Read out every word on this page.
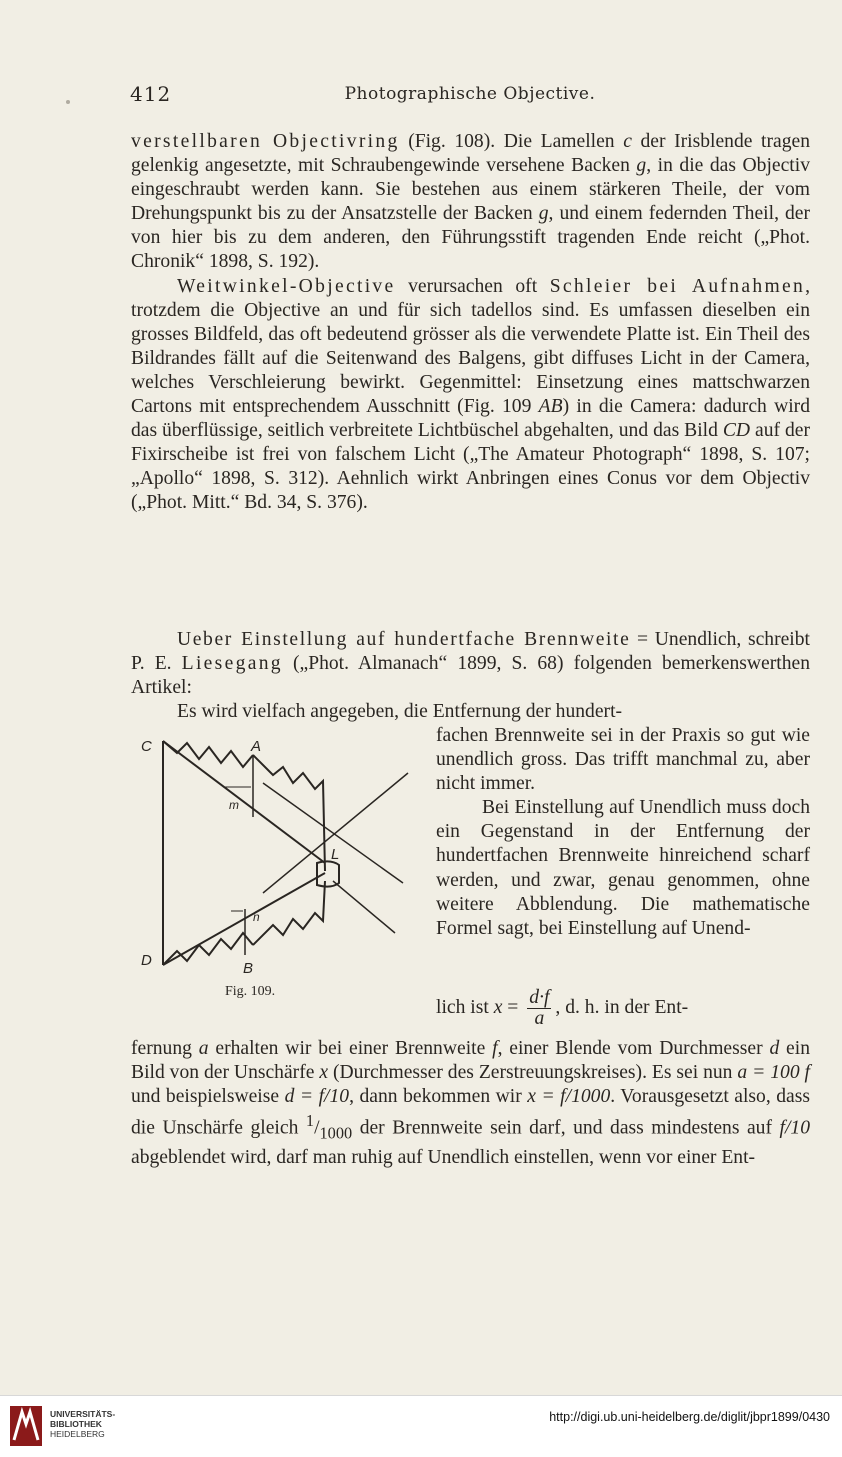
412	Photographische Objective.

verstellbaren Objectivring (Fig. 108). Die Lamellen c der Irisblende tragen gelenkig angesetzte, mit Schraubengewinde versehene Backen g, in die das Objectiv eingeschraubt werden kann. Sie bestehen aus einem stärkeren Theile, der vom Drehungspunkt bis zu der Ansatzstelle der Backen g, und einem federnden Theil, der von hier bis zu dem anderen, den Führungsstift tragenden Ende reicht („Phot. Chronik“ 1898, S. 192).

Weitwinkel-Objective verursachen oft Schleier bei Aufnahmen, trotzdem die Objective an und für sich tadellos sind. Es umfassen dieselben ein grosses Bildfeld, das oft bedeutend grösser als die verwendete Platte ist. Ein Theil des Bildrandes fällt auf die Seitenwand des Balgens, gibt diffuses Licht in der Camera, welches Verschleierung bewirkt. Gegenmittel: Einsetzung eines mattschwarzen Cartons mit entsprechendem Ausschnitt (Fig. 109 AB) in die Camera: dadurch wird das überflüssige, seitlich verbreitete Lichtbüschel abgehalten, und das Bild CD auf der Fixirscheibe ist frei von falschem Licht („The Amateur Photograph“ 1898, S. 107; „Apollo“ 1898, S. 312). Aehnlich wirkt Anbringen eines Conus vor dem Objectiv („Phot. Mitt.“ Bd. 34, S. 376).

Ueber Einstellung auf hundertfache Brennweite = Unendlich, schreibt P. E. Liesegang („Phot. Almanach“ 1899, S. 68) folgenden bemerkenswerthen Artikel:

Es wird vielfach angegeben, die Entfernung der hundert-

fachen Brennweite sei in der Praxis so gut wie unendlich gross. Das trifft manchmal zu, aber nicht immer.

Bei Einstellung auf Unendlich muss doch ein Gegenstand in der Entfernung der hundertfachen Brennweite hinreichend scharf werden, und zwar, genau genommen, ohne weitere Abblendung. Die mathematische Formel sagt, bei Einstellung auf Unend-

lich ist $x = \frac{d\cdot f}{a}$ , d. h. in der Ent-
C	A
m
L
n
D	B
Fig. 109.

fernung a erhalten wir bei einer Brennweite f, einer Blende vom Durchmesser d ein Bild von der Unschärfe x (Durchmesser des Zerstreuungskreises). Es sei nun a = 100 f und beispielsweise d = f/10, dann bekommen wir x = f/1000. Vorausgesetzt also, dass die Unschärfe gleich $^1/_{1000}$ der Brennweite sein darf, und dass mindestens auf f/10 abgeblendet wird, darf man ruhig auf Unendlich einstellen, wenn vor einer Ent-

UNIVERSITÄTS-
BIBLIOTHEK
HEIDELBERG
http://digi.ub.uni-heidelberg.de/diglit/jbpr1899/0430
